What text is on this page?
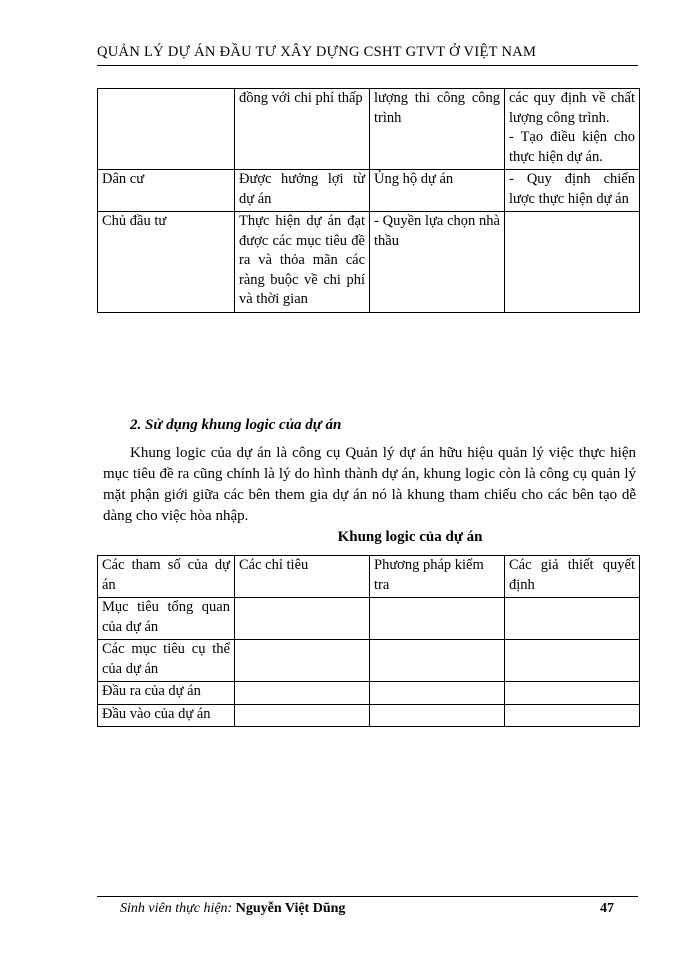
QUẢN LÝ DỰ ÁN ĐẦU TƯ XÂY DỰNG CSHT GTVT Ở VIỆT NAM
	đồng với chi phí thấp	lượng thi công công trình	các quy định về chất lượng công trình.
- Tạo điều kiện cho thực hiện dự án.
Dân cư	Được hưởng lợi từ dự án	Ủng hộ dự án	- Quy định chiến lược thực hiện dự án
Chủ đầu tư	Thực hiện dự án đạt được các mục tiêu đề ra và thỏa mãn các ràng buộc về chi phí và thời gian	- Quyền lựa chọn nhà thầu	
2. Sử dụng khung logic của dự án
Khung logic của dự án là công cụ Quản lý dự án hữu hiệu quản lý việc thực hiện mục tiêu đề ra cũng chính là lý do hình thành dự án, khung logic còn là công cụ quản lý mặt phận giới giữa các bên them gia dự án nó là khung tham chiếu cho các bên tạo dễ dàng cho việc hòa nhập.
Khung logic của dự án
Các tham số của dự án	Các chỉ tiêu	Phương pháp kiểm tra	Các giả thiết quyết định
Mục tiêu tổng quan của dự án			
Các mục tiêu cụ thể của dự án			
Đầu ra của dự án			
Đầu vào của dự án			
Sinh viên thực hiện: Nguyễn Việt Dũng	47
